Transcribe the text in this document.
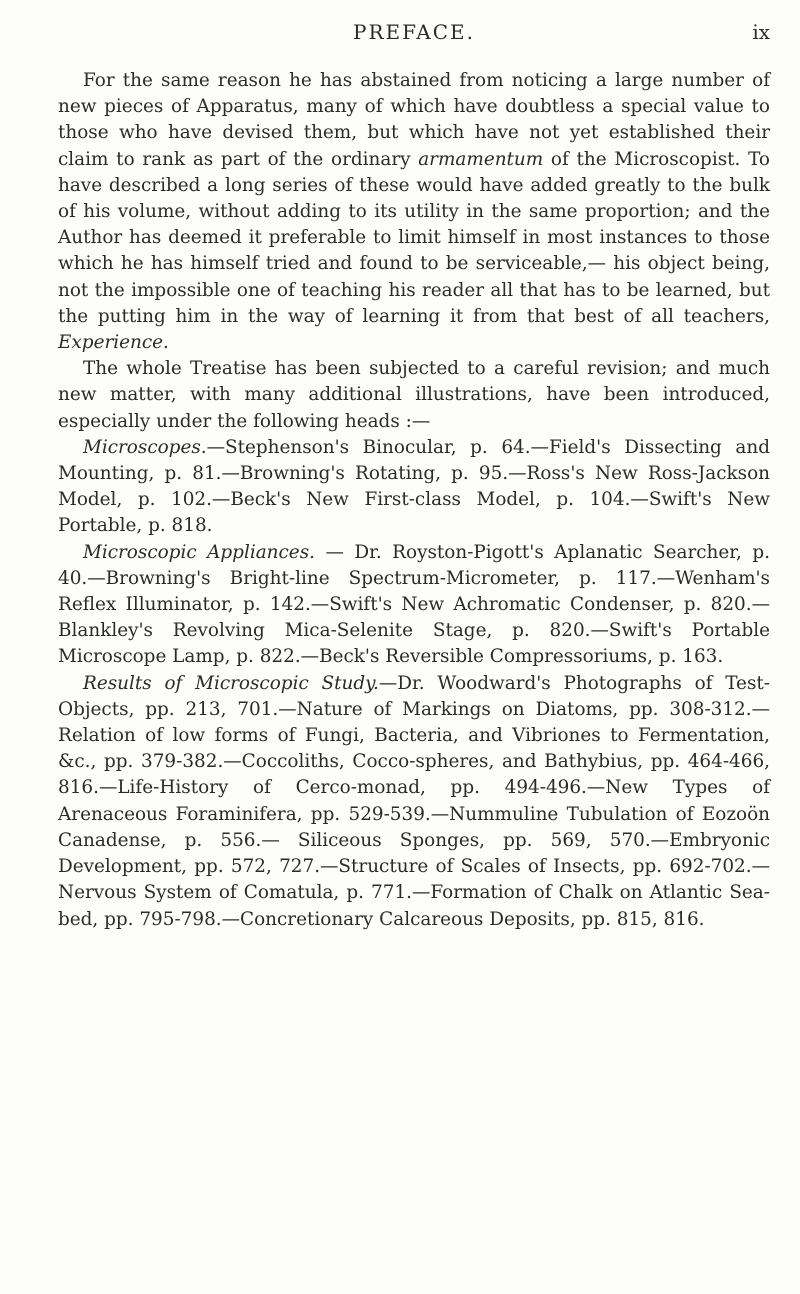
PREFACE.	ix

For the same reason he has abstained from noticing a large number of new pieces of Apparatus, many of which have doubtless a special value to those who have devised them, but which have not yet established their claim to rank as part of the ordinary armamentum of the Microscopist. To have described a long series of these would have added greatly to the bulk of his volume, without adding to its utility in the same proportion; and the Author has deemed it preferable to limit himself in most instances to those which he has himself tried and found to be serviceable,— his object being, not the impossible one of teaching his reader all that has to be learned, but the putting him in the way of learning it from that best of all teachers, Experience.

The whole Treatise has been subjected to a careful revision; and much new matter, with many additional illustrations, have been introduced, especially under the following heads :—

Microscopes.—Stephenson's Binocular, p. 64.—Field's Dissecting and Mounting, p. 81.—Browning's Rotating, p. 95.—Ross's New Ross-Jackson Model, p. 102.—Beck's New First-class Model, p. 104.—Swift's New Portable, p. 818.

Microscopic Appliances. — Dr. Royston-Pigott's Aplanatic Searcher, p. 40.—Browning's Bright-line Spectrum-Micrometer, p. 117.—Wenham's Reflex Illuminator, p. 142.—Swift's New Achromatic Condenser, p. 820.—Blankley's Revolving Mica-Selenite Stage, p. 820.—Swift's Portable Microscope Lamp, p. 822.—Beck's Reversible Compressoriums, p. 163.

Results of Microscopic Study.—Dr. Woodward's Photographs of Test-Objects, pp. 213, 701.—Nature of Markings on Diatoms, pp. 308-312.—Relation of low forms of Fungi, Bacteria, and Vibriones to Fermentation, &c., pp. 379-382.—Coccoliths, Cocco-spheres, and Bathybius, pp. 464-466, 816.—Life-History of Cerco-monad, pp. 494-496.—New Types of Arenaceous Foraminifera, pp. 529-539.—Nummuline Tubulation of Eozoön Canadense, p. 556.— Siliceous Sponges, pp. 569, 570.—Embryonic Development, pp. 572, 727.—Structure of Scales of Insects, pp. 692-702.—Nervous System of Comatula, p. 771.—Formation of Chalk on Atlantic Sea-bed, pp. 795-798.—Concretionary Calcareous Deposits, pp. 815, 816.
